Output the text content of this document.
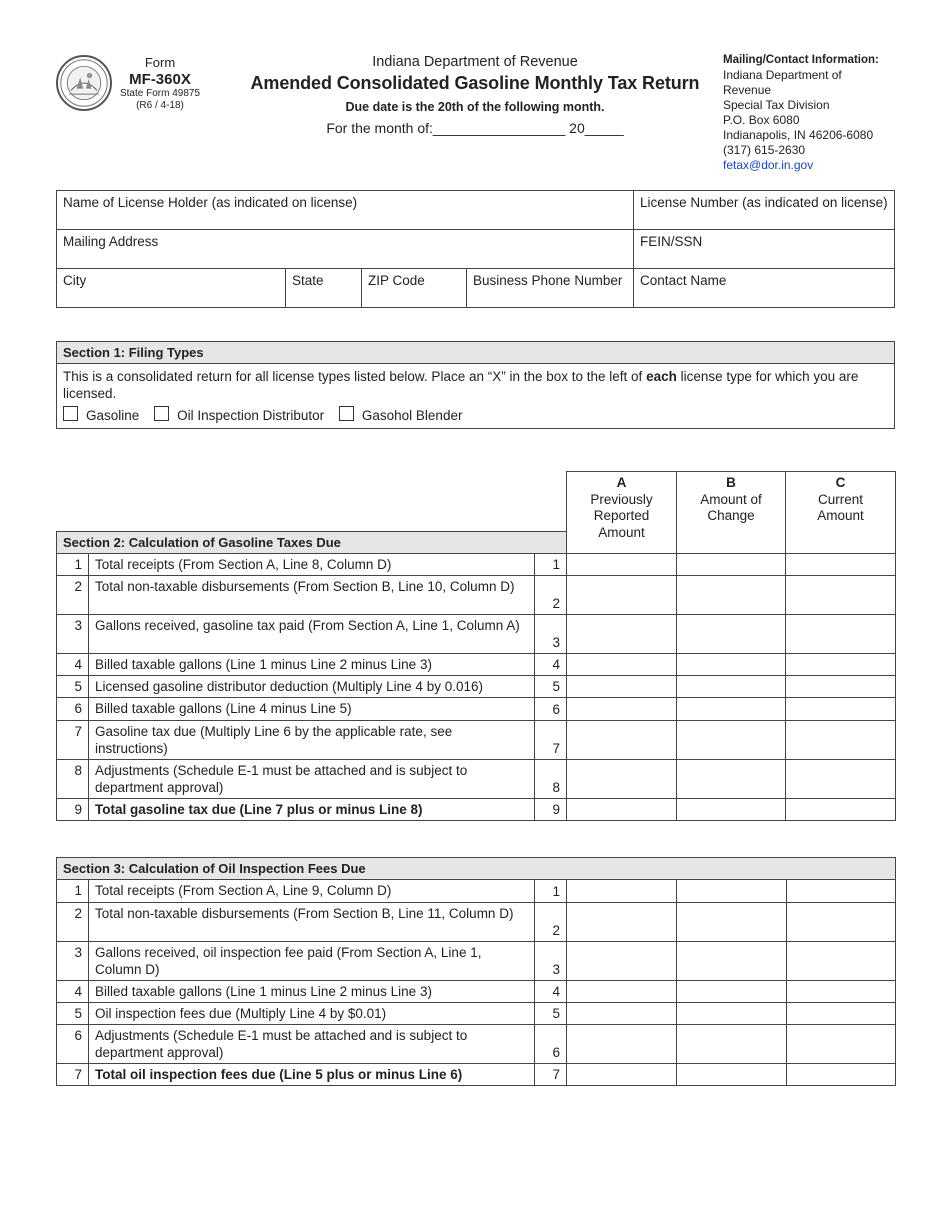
Form
MF-360X
State Form 49875
(R6 / 4-18)
Indiana Department of Revenue
Amended Consolidated Gasoline Monthly Tax Return
Due date is the 20th of the following month.
For the month of:_________________ 20_____
Mailing/Contact Information:
Indiana Department of
Revenue
Special Tax Division
P.O. Box 6080
Indianapolis, IN 46206-6080
(317) 615-2630
fetax@dor.in.gov
Name of License Holder (as indicated on license)				License Number (as indicated on license)
Mailing Address				FEIN/SSN
City	State	ZIP Code	Business Phone Number	Contact Name
Section 1: Filing Types

This is a consolidated return for all license types listed below. Place an “X” in the box to the left of each license type for which you are licensed.
Gasoline	Oil Inspection Distributor	Gasohol Blender

			A
Previously
Reported
Amount	B
Amount of
Change	C
Current
Amount
Section 2: Calculation of Gasoline Taxes Due					
1	Total receipts (From Section A, Line 8, Column D)	1			
2	Total non-taxable disbursements (From Section B, Line 10, Column D)	2			
3	Gallons received, gasoline tax paid (From Section A, Line 1, Column A)	3			
4	Billed taxable gallons (Line 1 minus Line 2 minus Line 3)	4			
5	Licensed gasoline distributor deduction (Multiply Line 4 by 0.016)	5			
6	Billed taxable gallons (Line 4 minus Line 5)	6			
7	Gasoline tax due (Multiply Line 6 by the applicable rate, see instructions)	7			
8	Adjustments (Schedule E-1 must be attached and is subject to department approval)	8			
9	Total gasoline tax due (Line 7 plus or minus Line 8)	9			
Section 3: Calculation of Oil Inspection Fees Due					
1	Total receipts (From Section A, Line 9, Column D)	1			
2	Total non-taxable disbursements (From Section B, Line 11, Column D)	2			
3	Gallons received, oil inspection fee paid (From Section A, Line 1, Column D)	3			
4	Billed taxable gallons (Line 1 minus Line 2 minus Line 3)	4			
5	Oil inspection fees due (Multiply Line 4 by $0.01)	5			
6	Adjustments (Schedule E-1 must be attached and is subject to department approval)	6			
7	Total oil inspection fees due (Line 5 plus or minus Line 6)	7			
